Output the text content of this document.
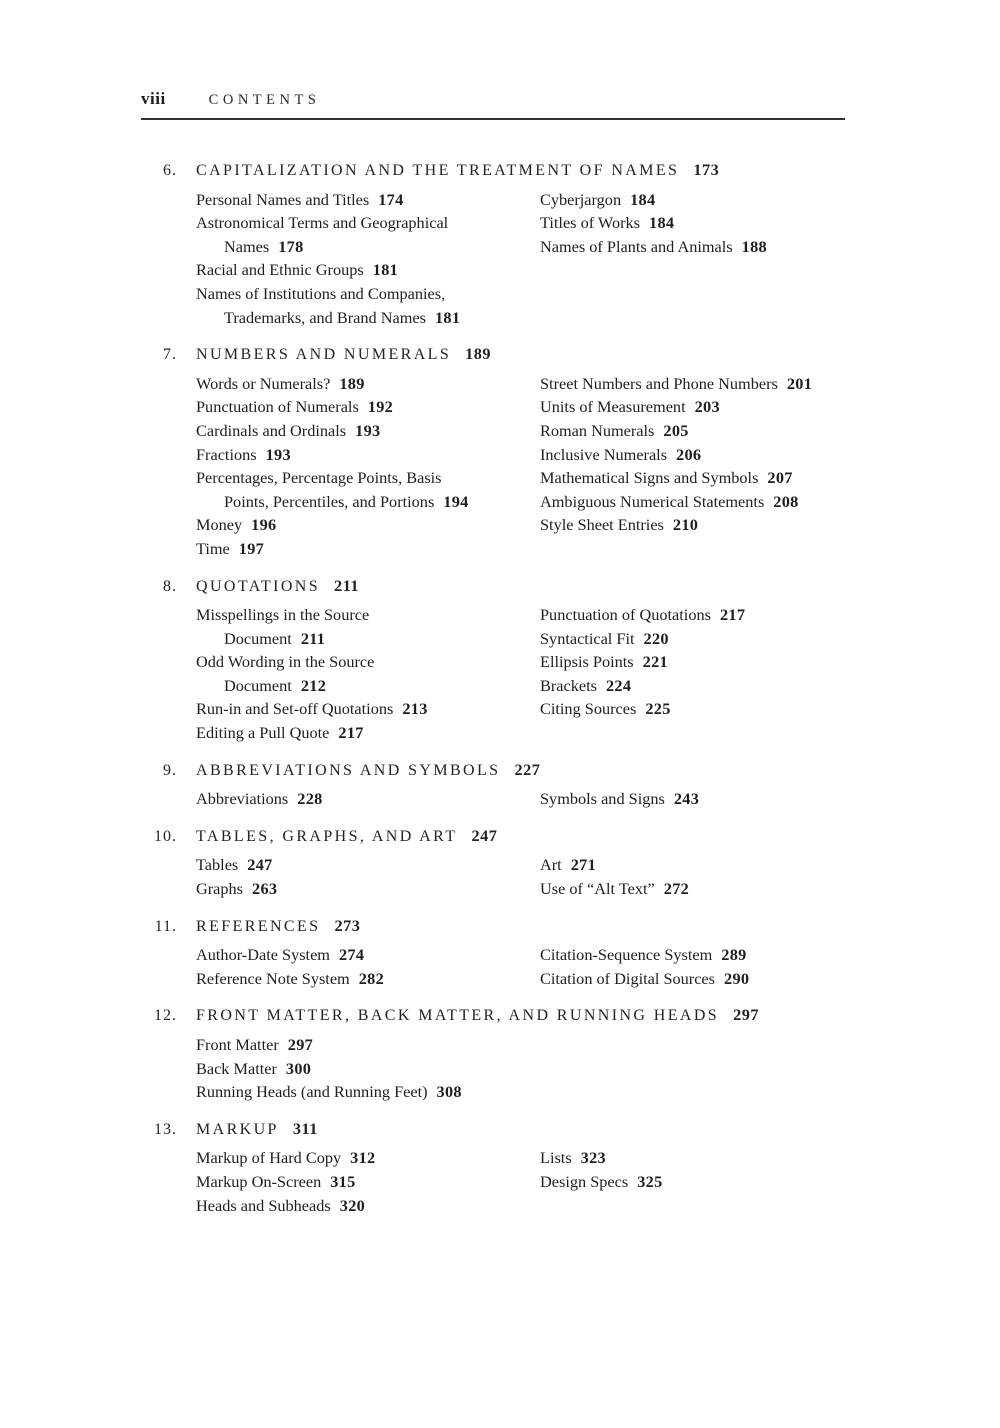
viii	CONTENTS
6. CAPITALIZATION AND THE TREATMENT OF NAMES 173
Personal Names and Titles 174
Astronomical Terms and Geographical
Names 178
Racial and Ethnic Groups 181
Names of Institutions and Companies,
Trademarks, and Brand Names 181
Cyberjargon 184
Titles of Works 184
Names of Plants and Animals 188
7. NUMBERS AND NUMERALS 189
Words or Numerals? 189
Punctuation of Numerals 192
Cardinals and Ordinals 193
Fractions 193
Percentages, Percentage Points, Basis
Points, Percentiles, and Portions 194
Money 196
Time 197
Street Numbers and Phone Numbers 201
Units of Measurement 203
Roman Numerals 205
Inclusive Numerals 206
Mathematical Signs and Symbols 207
Ambiguous Numerical Statements 208
Style Sheet Entries 210
8. QUOTATIONS 211
Misspellings in the Source
Document 211
Odd Wording in the Source
Document 212
Run-in and Set-off Quotations 213
Editing a Pull Quote 217
Punctuation of Quotations 217
Syntactical Fit 220
Ellipsis Points 221
Brackets 224
Citing Sources 225
9. ABBREVIATIONS AND SYMBOLS 227
Abbreviations 228	Symbols and Signs 243
10. TABLES, GRAPHS, AND ART 247
Tables 247
Graphs 263
Art 271
Use of “Alt Text” 272
11. REFERENCES 273
Author-Date System 274
Reference Note System 282
Citation-Sequence System 289
Citation of Digital Sources 290
12. FRONT MATTER, BACK MATTER, AND RUNNING HEADS 297
Front Matter 297
Back Matter 300
Running Heads (and Running Feet) 308
13. MARKUP 311
Markup of Hard Copy 312
Markup On-Screen 315
Heads and Subheads 320
Lists 323
Design Specs 325
